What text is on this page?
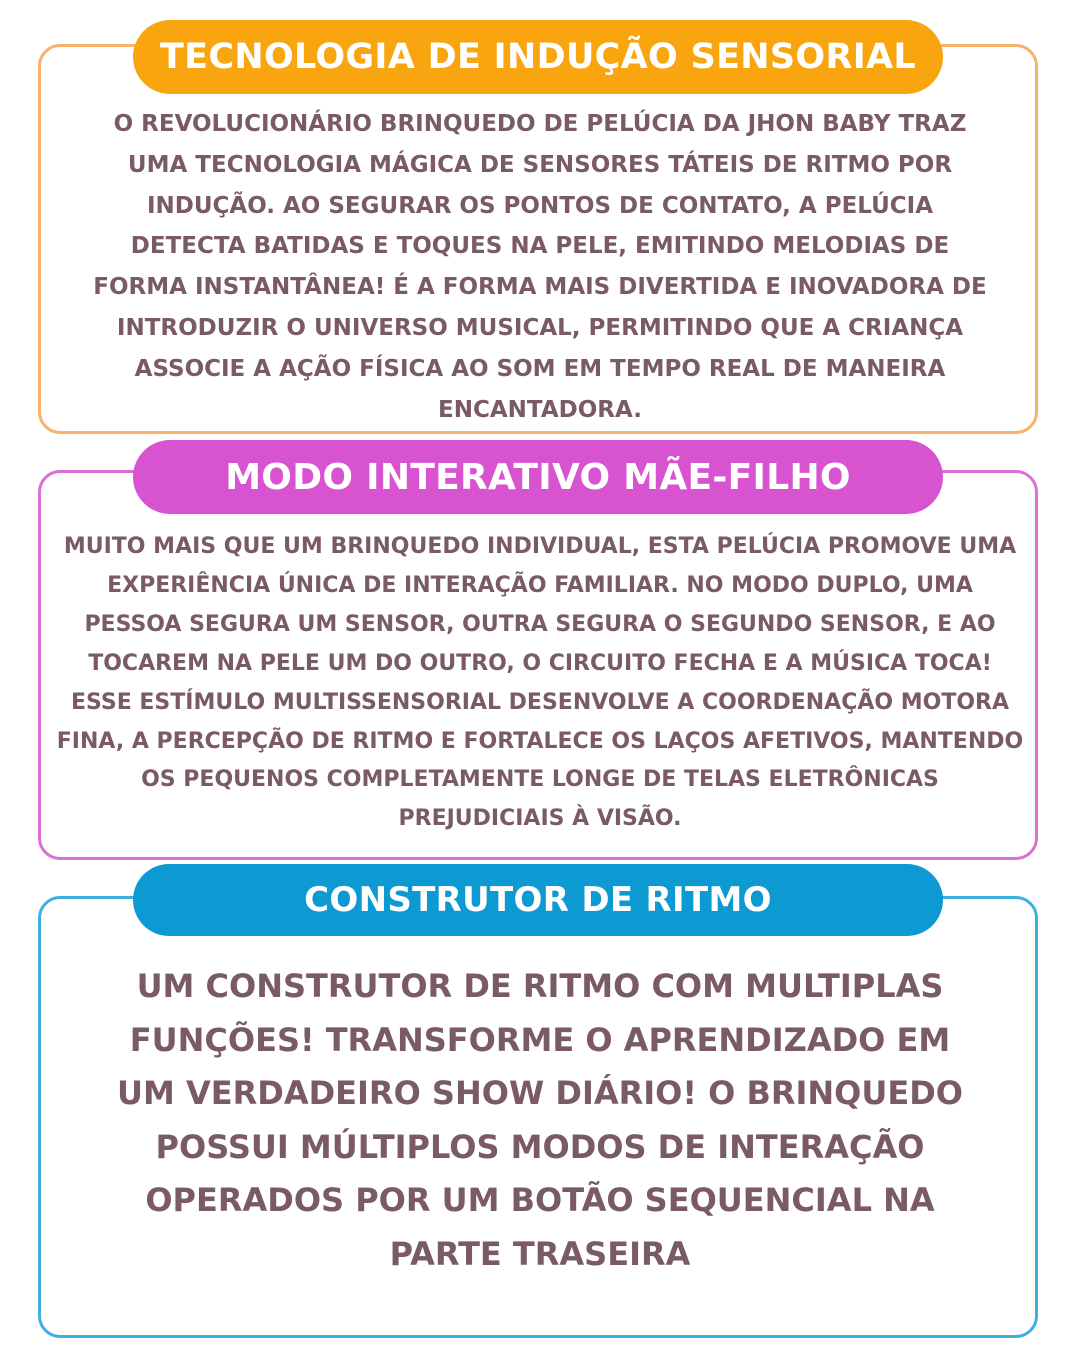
TECNOLOGIA DE INDUÇÃO SENSORIAL

O REVOLUCIONÁRIO BRINQUEDO DE PELÚCIA DA JHON BABY TRAZ UMA TECNOLOGIA MÁGICA DE SENSORES TÁTEIS DE RITMO POR INDUÇÃO. AO SEGURAR OS PONTOS DE CONTATO, A PELÚCIA DETECTA BATIDAS E TOQUES NA PELE, EMITINDO MELODIAS DE FORMA INSTANTÂNEA! É A FORMA MAIS DIVERTIDA E INOVADORA DE INTRODUZIR O UNIVERSO MUSICAL, PERMITINDO QUE A CRIANÇA ASSOCIE A AÇÃO FÍSICA AO SOM EM TEMPO REAL DE MANEIRA ENCANTADORA.

MODO INTERATIVO MÃE-FILHO

MUITO MAIS QUE UM BRINQUEDO INDIVIDUAL, ESTA PELÚCIA PROMOVE UMA EXPERIÊNCIA ÚNICA DE INTERAÇÃO FAMILIAR. NO MODO DUPLO, UMA PESSOA SEGURA UM SENSOR, OUTRA SEGURA O SEGUNDO SENSOR, E AO TOCAREM NA PELE UM DO OUTRO, O CIRCUITO FECHA E A MÚSICA TOCA! ESSE ESTÍMULO MULTISSENSORIAL DESENVOLVE A COORDENAÇÃO MOTORA FINA, A PERCEPÇÃO DE RITMO E FORTALECE OS LAÇOS AFETIVOS, MANTENDO OS PEQUENOS COMPLETAMENTE LONGE DE TELAS ELETRÔNICAS PREJUDICIAIS À VISÃO.

CONSTRUTOR DE RITMO

UM CONSTRUTOR DE RITMO COM MULTIPLAS FUNÇÕES! TRANSFORME O APRENDIZADO EM UM VERDADEIRO SHOW DIÁRIO! O BRINQUEDO POSSUI MÚLTIPLOS MODOS DE INTERAÇÃO OPERADOS POR UM BOTÃO SEQUENCIAL NA PARTE TRASEIRA
